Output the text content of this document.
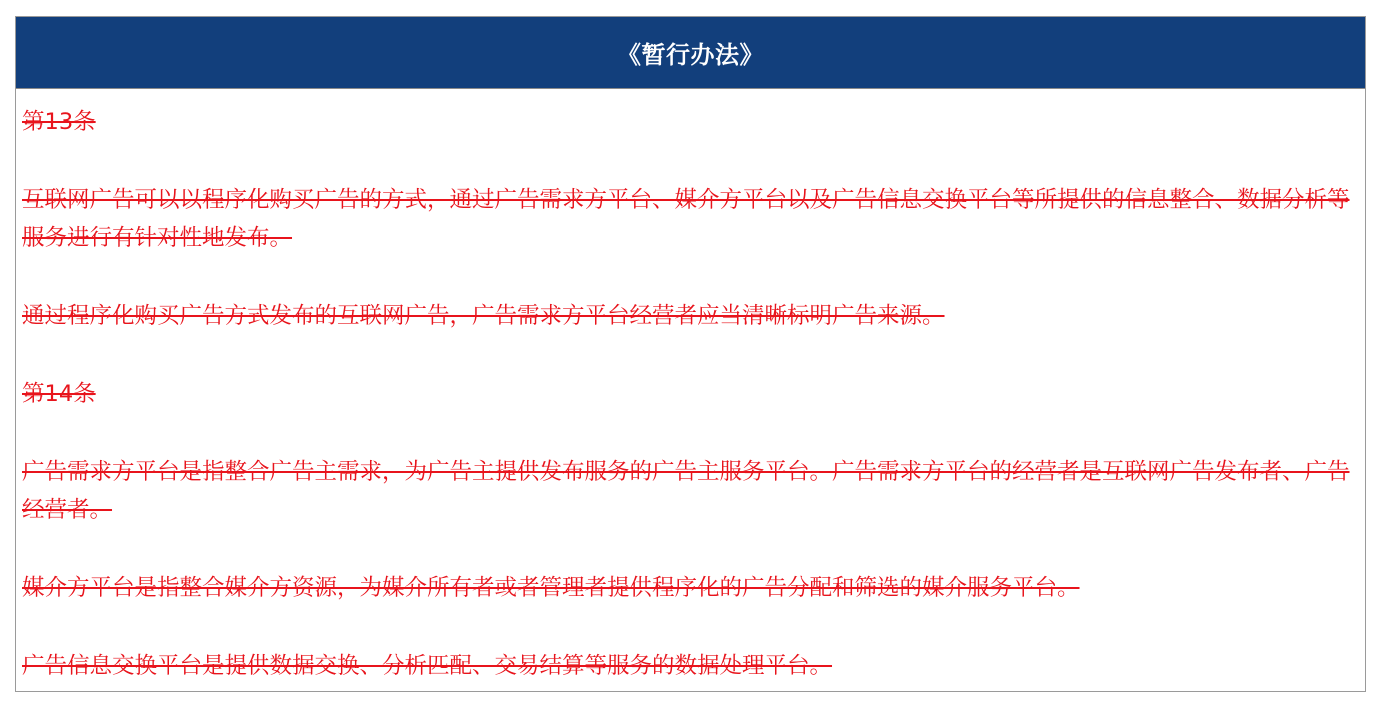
《暂行办法》

第13条

互联网广告可以以程序化购买广告的方式，通过广告需求方平台、媒介方平台以及广告信息交换平台等所提供的信息整合、数据分析等服务进行有针对性地发布。

通过程序化购买广告方式发布的互联网广告，广告需求方平台经营者应当清晰标明广告来源。

第14条

广告需求方平台是指整合广告主需求，为广告主提供发布服务的广告主服务平台。广告需求方平台的经营者是互联网广告发布者、广告经营者。

媒介方平台是指整合媒介方资源，为媒介所有者或者管理者提供程序化的广告分配和筛选的媒介服务平台。

广告信息交换平台是提供数据交换、分析匹配、交易结算等服务的数据处理平台。
